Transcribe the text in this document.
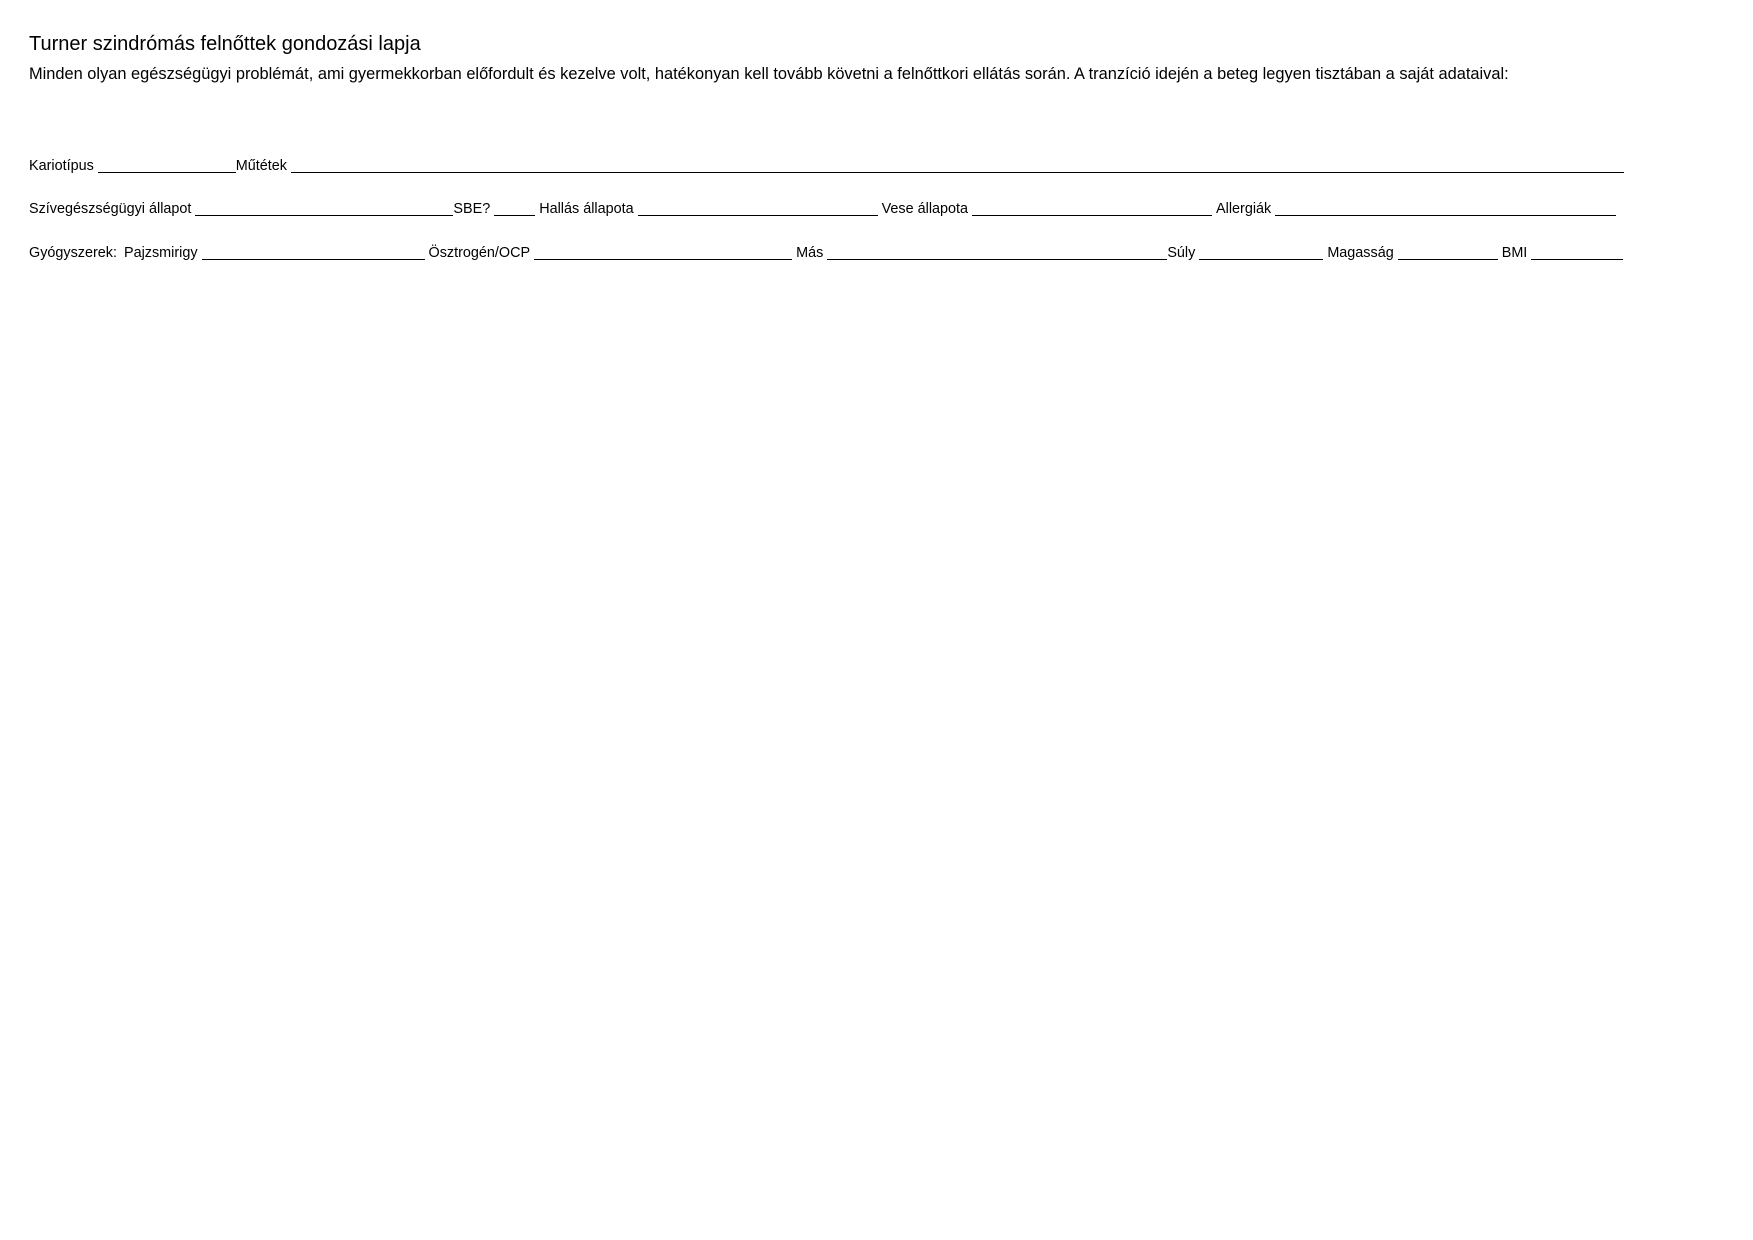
Turner szindrómás felnőttek gondozási lapja
Minden olyan egészségügyi problémát, ami gyermekkorban előfordult és kezelve volt, hatékonyan kell tovább követni a felnőttkori ellátás során. A tranzíció idején a beteg legyen tisztában a saját adataival:
Kariotípus	Műtétek
Szívegészségügyi állapot	SBE?	Hallás állapota	Vese állapota	Allergiák
Gyógyszerek: Pajzsmirigy	Ösztrogén/OCP	Más	Súly	Magasság	BMI
